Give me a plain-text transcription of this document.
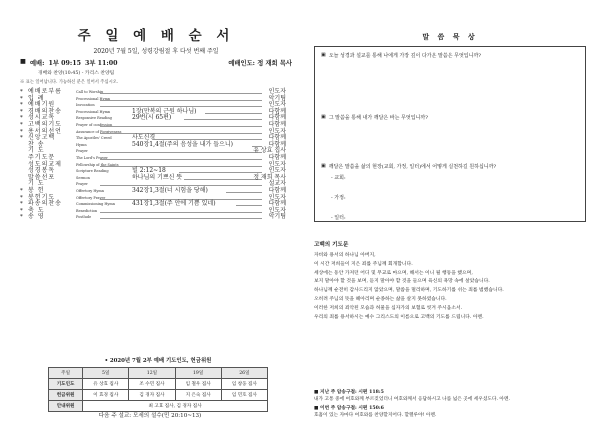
주 일 예 배 순 서
2020년 7월 5일, 성령강림절 후 다섯 번째 주일
■ 예배: 1부 09:15 3부 11:00	예배인도: 정 재희 목사
경배와 찬양(10:45) - 카리스 찬양팀
※ 표는 일어납니다. 가능하신 분은 일어서 주십시오.
* 예배로부름	Call to Worship	인도자
* 입 례	Processional Hymn	악기팀
* 예배기원	Invocation	인도자
* 경배의찬송	Processional Hymn	1장(만복의 근원 하나님)	다함께
* 성시교독	Responsive Reading	29번(시 65편)	다함께
* 고백의기도	Prayer of confession	다함께
* 용서의선언	Assurance of Forgiveness	인도자
* 신앙고백	The Apostles' Creed	사도신경	다함께
찬 송	Hymn	540장1,4절(주의 음성을 내가 들으니)	다함께
기 도	Prayer	유 상효 집사
주기도문	The Lord's Prayer	다함께
성도의교제	Fellowship of the Saints	인도자
성경봉독	Scripture Reading	빌 2:12~18	인도자
말씀선포	Sermon	하나님의 기쁘신 뜻	정 재희 목사
기 도	Prayer	설교자
* 봉 헌	Offertory Hymn	342장1,3절(너 시험을 당해)	다함께
* 봉헌기도	Offertory Prayer	인도자
* 파송의찬송	Commissioning Hymn	431장1,3절(주 안에 기쁨 있네)	다함께
* 축 도	Benediction	인도자
* 송 영	Postlude	악기팀
• 2020년 7월 2부 예배 기도인도, 헌금위원
주일	5일	12일	19일	26일
기도인도	유 상효 집사	조 수민 집사	임 철우 집사	임 창웅 집사
헌금위원	이 효경 집사	김 경자 집사	지 은숙 집사	임 민호 집사
안내위원	최 고효 집사, 김 경자 집사			
다음 주 설교: 모세의 설수(민 20:10~13)
말 씀 묵 상
▣ 오늘 성경과 설교를 통해 나에게 가장 깊이 다가온 말씀은 무엇입니까?
▣ 그 말씀을 통해 내가 깨달은 바는 무엇입니까?
▣ 깨달은 말씀을 삶의 현장(교회, 가정, 일터)에서 어떻게 실천하길 원하십니까?
- 교회:
- 가정:
- 일터:
고백의 기도문

자비와 용서의 하나님 아버지,

이 시간 저희들이 지은 죄를 주님께 회개합니다.

세상에는 동안 가져던 어디 및 무교로 마으며, 해서는 이니 될 행동을 했으며,

보지 말아야 할 것을 보며, 듣지 말아야 할 것을 들으며 육신의 욕망 속에 살았습니다.

하나님께 순전히 감사드리지 않았으며, 말씀을 멀리하며, 기도하기를 쉬는 죄를 범했습니다.

오히려 주님의 뜻을 헤아리며 순종하는 삶을 살지 못하였습니다.

이러한 저희의 죄악된 모습과 허물을 십자가의 보혈로 씻겨 주시옵소서.

우리의 죄를 용서하시는 예수 그리스도의 이름으로 고백의 기도를 드립니다. 아멘.

■ 지난 주 암송구절: 시편 118:5
내가 고통 중에 여호와께 부르짖었더니 여호와께서 응답하시고 나를 넓은 곳에 세우셨도다. 아멘.
■ 이번 주 암송구절: 시편 150:6
호흡이 있는 자마다 여호와를 찬양할지어다. 할렐루야! 아멘.
